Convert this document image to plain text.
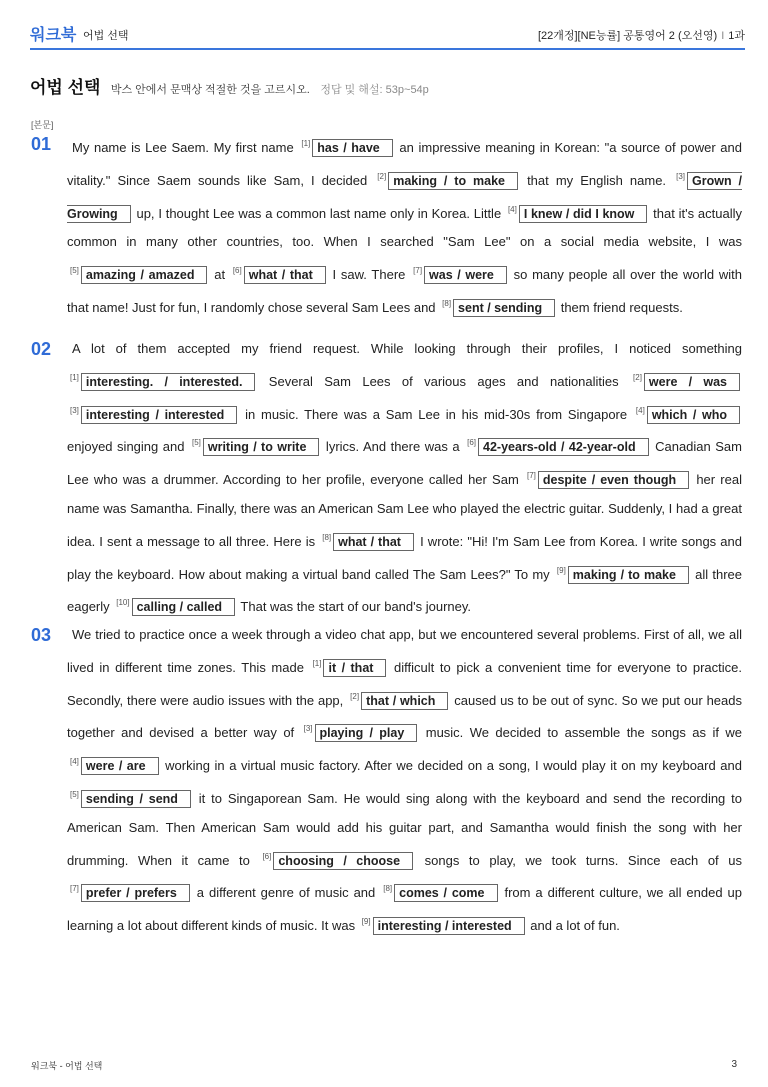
워크북 어법 선택	[22개정][NE능률] 공통영어 2 (오선영) I 1과
어법 선택 박스 안에서 문맥상 적절한 것을 고르시오. 정답 및 해설: 53p~54p
[본문]
01 My name is Lee Saem. My first name [1] has / have an impressive meaning in Korean: "a source of power and vitality." Since Saem sounds like Sam, I decided [2] making / to make that my English name. [3] Grown / Growing up, I thought Lee was a common last name only in Korea. Little [4] I knew / did I know that it's actually common in many other countries, too. When I searched "Sam Lee" on a social media website, I was [5] amazing / amazed at [6] what / that I saw. There [7] was / were so many people all over the world with that name! Just for fun, I randomly chose several Sam Lees and [8] sent / sending them friend requests.
02 A lot of them accepted my friend request. While looking through their profiles, I noticed something [1] interesting. / interested. Several Sam Lees of various ages and nationalities [2] were / was [3] interesting / interested in music. There was a Sam Lee in his mid-30s from Singapore [4] which / who enjoyed singing and [5] writing / to write lyrics. And there was a [6] 42-years-old / 42-year-old Canadian Sam Lee who was a drummer. According to her profile, everyone called her Sam [7] despite / even though her real name was Samantha. Finally, there was an American Sam Lee who played the electric guitar. Suddenly, I had a great idea. I sent a message to all three. Here is [8] what / that I wrote: "Hi! I'm Sam Lee from Korea. I write songs and play the keyboard. How about making a virtual band called The Sam Lees?" To my [9] making / to make all three eagerly [10] calling / called That was the start of our band's journey.
03 We tried to practice once a week through a video chat app, but we encountered several problems. First of all, we all lived in different time zones. This made [1] it / that difficult to pick a convenient time for everyone to practice. Secondly, there were audio issues with the app, [2] that / which caused us to be out of sync. So we put our heads together and devised a better way of [3] playing / play music. We decided to assemble the songs as if we [4] were / are working in a virtual music factory. After we decided on a song, I would play it on my keyboard and [5] sending / send it to Singaporean Sam. He would sing along with the keyboard and send the recording to American Sam. Then American Sam would add his guitar part, and Samantha would finish the song with her drumming. When it came to [6] choosing / choose songs to play, we took turns. Since each of us [7] prefer / prefers a different genre of music and [8] comes / come from a different culture, we all ended up learning a lot about different kinds of music. It was [9] interesting / interested and a lot of fun.
워크북 - 어법 선택	3
